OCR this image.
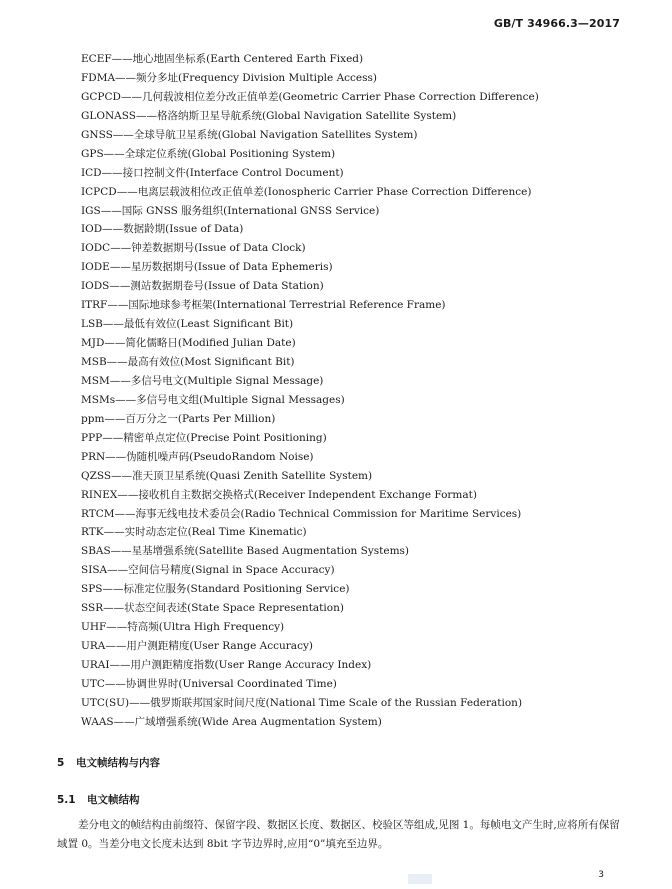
GB/T 34966.3—2017
ECEF——地心地固坐标系(Earth Centered Earth Fixed)
FDMA——频分多址(Frequency Division Multiple Access)
GCPCD——几何载波相位差分改正值单差(Geometric Carrier Phase Correction Difference)
GLONASS——格洛纳斯卫星导航系统(Global Navigation Satellite System)
GNSS——全球导航卫星系统(Global Navigation Satellites System)
GPS——全球定位系统(Global Positioning System)
ICD——接口控制文件(Interface Control Document)
ICPCD——电离层载波相位改正值单差(Ionospheric Carrier Phase Correction Difference)
IGS——国际 GNSS 服务组织(International GNSS Service)
IOD——数据龄期(Issue of Data)
IODC——钟差数据期号(Issue of Data Clock)
IODE——星历数据期号(Issue of Data Ephemeris)
IODS——测站数据期卷号(Issue of Data Station)
ITRF——国际地球参考框架(International Terrestrial Reference Frame)
LSB——最低有效位(Least Significant Bit)
MJD——简化儒略日(Modified Julian Date)
MSB——最高有效位(Most Significant Bit)
MSM——多信号电文(Multiple Signal Message)
MSMs——多信号电文组(Multiple Signal Messages)
ppm——百万分之一(Parts Per Million)
PPP——精密单点定位(Precise Point Positioning)
PRN——伪随机噪声码(PseudoRandom Noise)
QZSS——准天顶卫星系统(Quasi Zenith Satellite System)
RINEX——接收机自主数据交换格式(Receiver Independent Exchange Format)
RTCM——海事无线电技术委员会(Radio Technical Commission for Maritime Services)
RTK——实时动态定位(Real Time Kinematic)
SBAS——星基增强系统(Satellite Based Augmentation Systems)
SISA——空间信号精度(Signal in Space Accuracy)
SPS——标准定位服务(Standard Positioning Service)
SSR——状态空间表述(State Space Representation)
UHF——特高频(Ultra High Frequency)
URA——用户测距精度(User Range Accuracy)
URAI——用户测距精度指数(User Range Accuracy Index)
UTC——协调世界时(Universal Coordinated Time)
UTC(SU)——俄罗斯联邦国家时间尺度(National Time Scale of the Russian Federation)
WAAS——广域增强系统(Wide Area Augmentation System)
5 电文帧结构与内容
5.1 电文帧结构

差分电文的帧结构由前缀符、保留字段、数据区长度、数据区、校验区等组成,见图 1。每帧电文产生时,应将所有保留域置 0。当差分电文长度未达到 8bit 字节边界时,应用“0”填充至边界。

3
